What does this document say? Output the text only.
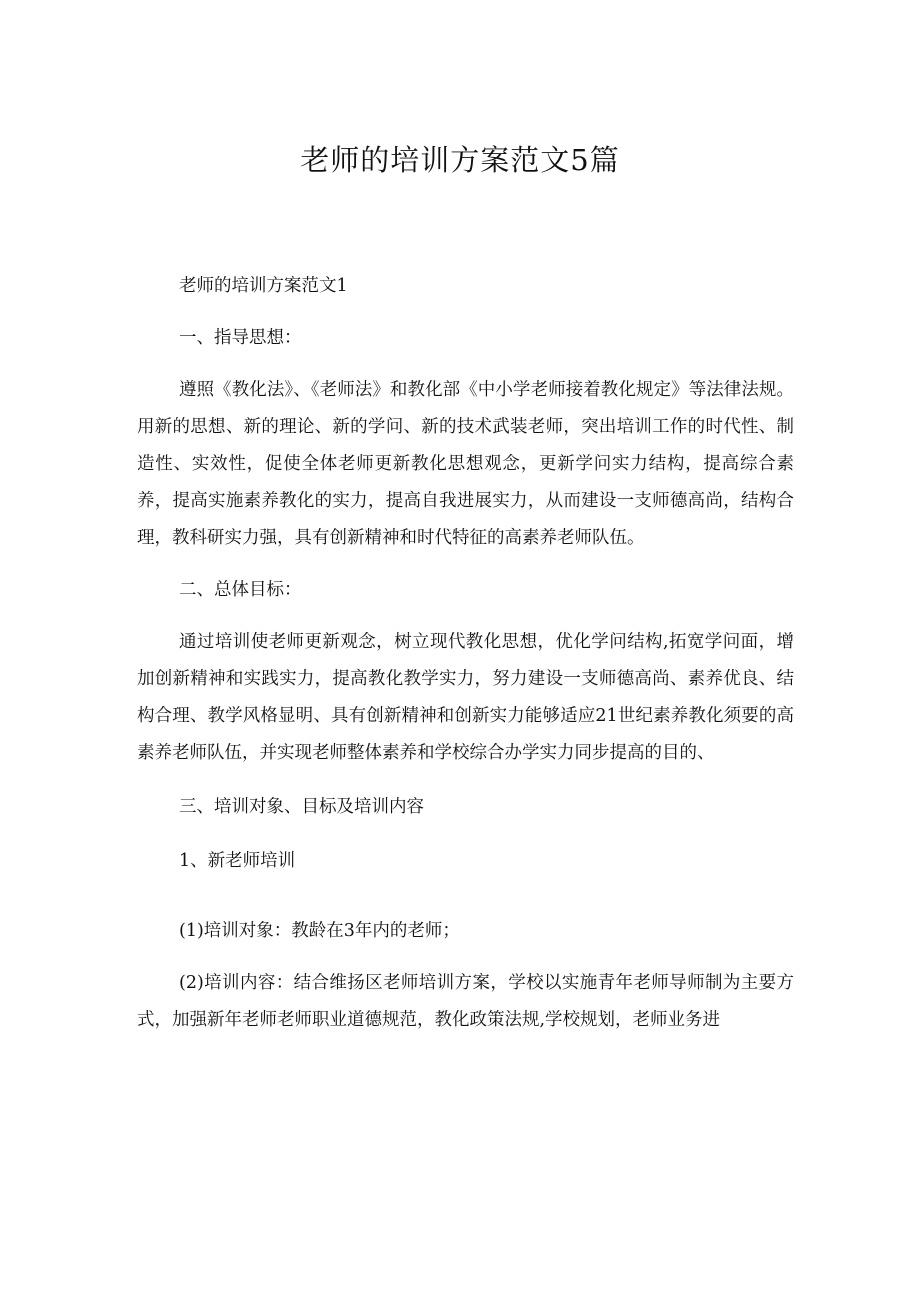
老师的培训方案范文5篇

老师的培训方案范文1

一、指导思想：

遵照《教化法》、《老师法》和教化部《中小学老师接着教化规定》等法律法规。用新的思想、新的理论、新的学问、新的技术武装老师，突出培训工作的时代性、制造性、实效性，促使全体老师更新教化思想观念，更新学问实力结构，提高综合素养，提高实施素养教化的实力，提高自我进展实力，从而建设一支师德高尚，结构合理，教科研实力强，具有创新精神和时代特征的高素养老师队伍。

二、总体目标：

通过培训使老师更新观念，树立现代教化思想，优化学问结构,拓宽学问面，增加创新精神和实践实力，提高教化教学实力，努力建设一支师德高尚、素养优良、结构合理、教学风格显明、具有创新精神和创新实力能够适应21世纪素养教化须要的高素养老师队伍，并实现老师整体素养和学校综合办学实力同步提高的目的、

三、培训对象、目标及培训内容

1、新老师培训

(1)培训对象：教龄在3年内的老师；

(2)培训内容：结合维扬区老师培训方案，学校以实施青年老师导师制为主要方式，加强新年老师老师职业道德规范，教化政策法规,学校规划，老师业务进
